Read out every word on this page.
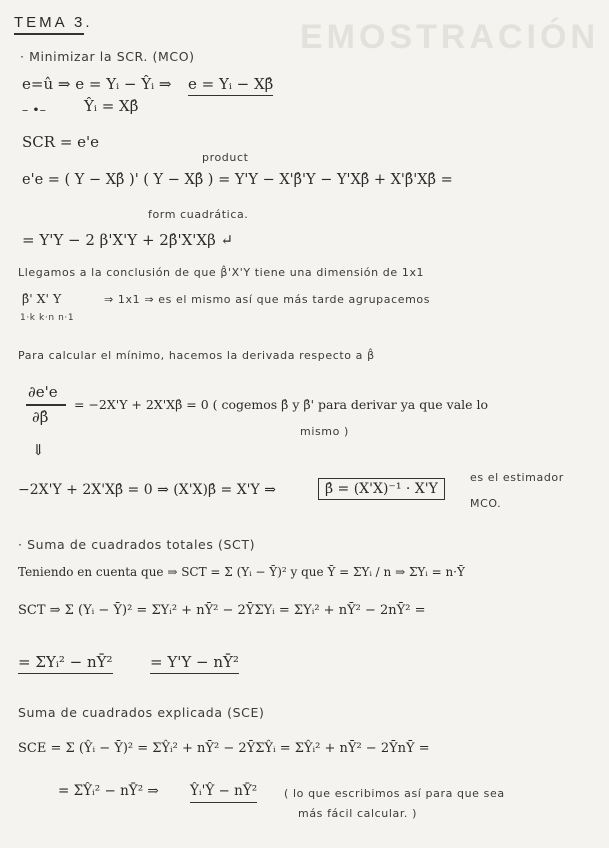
EMOSTRACIÓN
TEMA 3.
· Minimizar la SCR. (MCO)
e=û ⇒ e = Yᵢ − Ŷᵢ ⇒ e = Yᵢ − Xβ̂
– •–	Ŷᵢ = Xβ̂
SCR = e'e
product
e'e = ( Y − Xβ̂ )' ( Y − Xβ̂ ) = Y'Y − X'β̂'Y − Y'Xβ̂ + X'β̂'Xβ̂ =
form cuadrática.
= Y'Y − 2 β'X'Y + 2β̂'X'Xβ ↵
Llegamos a la conclusión de que β̂'X'Y tiene una dimensión de 1x1
β̂' X' Y	⇒ 1x1 ⇒ es el mismo así que más tarde agrupacemos
1·k k·n n·1
Para calcular el mínimo, hacemos la derivada respecto a β̂
∂e'e
∂β̂
= −2X'Y + 2X'Xβ̂ = 0 ( cogemos β̂ y β̂' para derivar ya que vale lo
mismo )
⇓
−2X'Y + 2X'Xβ̂ = 0 ⇒ (X'X)β̂ = X'Y ⇒	β̂ = (X'X)⁻¹ · X'Y
es el estimador
MCO.
· Suma de cuadrados totales (SCT)
Teniendo en cuenta que ⇒ SCT = Σ (Yᵢ − Ȳ)² y que Ȳ = ΣYᵢ / n ⇒ ΣYᵢ = n·Ȳ
SCT ⇒ Σ (Yᵢ − Ȳ)² = ΣYᵢ² + nȲ² − 2ȲΣYᵢ = ΣYᵢ² + nȲ² − 2nȲ² =
= ΣYᵢ² − nȲ² = Y'Y − nȲ²
Suma de cuadrados explicada (SCE)
SCE = Σ (Ŷᵢ − Ȳ)² = ΣŶᵢ² + nȲ² − 2ȲΣŶᵢ = ΣŶᵢ² + nȲ² − 2ȲnȲ =
= ΣŶᵢ² − nȲ² ⇒ Ŷᵢ'Ŷ − nȲ² ( lo que escribimos así para que sea
más fácil calcular. )
